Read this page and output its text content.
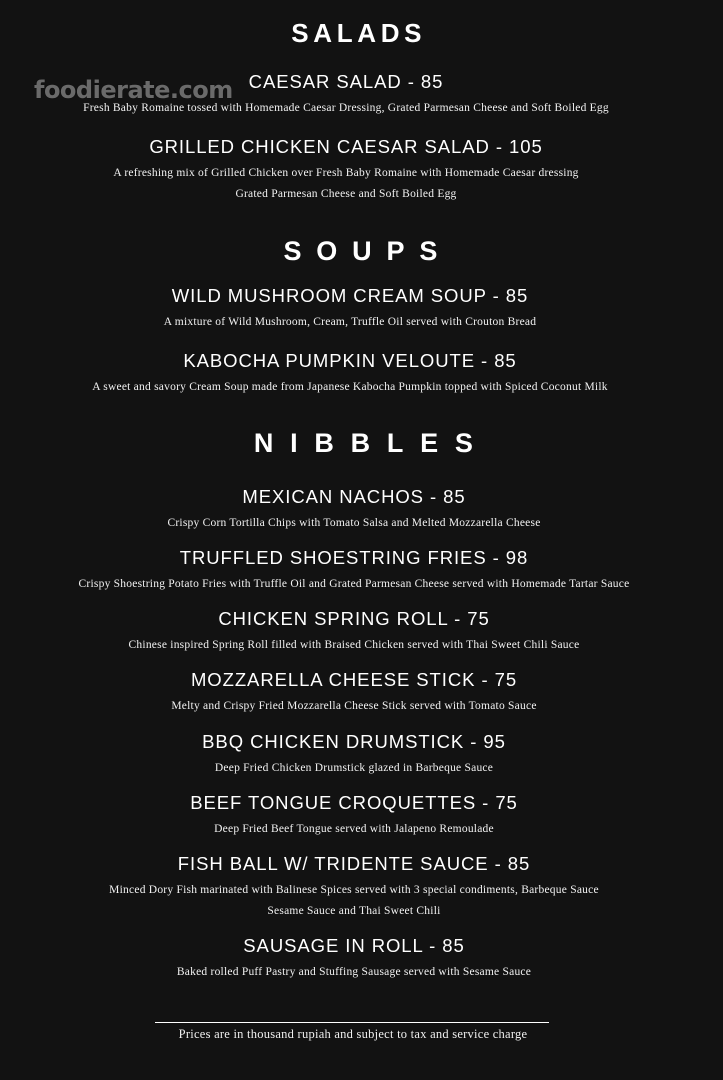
SALADS
CAESAR SALAD - 85
Fresh Baby Romaine tossed with Homemade Caesar Dressing, Grated Parmesan Cheese and Soft Boiled Egg
GRILLED CHICKEN CAESAR SALAD - 105
A refreshing mix of Grilled Chicken over Fresh Baby Romaine with Homemade Caesar dressing
Grated Parmesan Cheese and Soft Boiled Egg
SOUPS
WILD MUSHROOM CREAM SOUP - 85
A mixture of Wild Mushroom, Cream, Truffle Oil served with Crouton Bread
KABOCHA PUMPKIN VELOUTE - 85
A sweet and savory Cream Soup made from Japanese Kabocha Pumpkin topped with Spiced Coconut Milk
NIBBLES
MEXICAN NACHOS - 85
Crispy Corn Tortilla Chips with Tomato Salsa and Melted Mozzarella Cheese
TRUFFLED SHOESTRING FRIES - 98
Crispy Shoestring Potato Fries with Truffle Oil and Grated Parmesan Cheese served with Homemade Tartar Sauce
CHICKEN SPRING ROLL - 75
Chinese inspired Spring Roll filled with Braised Chicken served with Thai Sweet Chili Sauce
MOZZARELLA CHEESE STICK - 75
Melty and Crispy Fried Mozzarella Cheese Stick served with Tomato Sauce
BBQ CHICKEN DRUMSTICK - 95
Deep Fried Chicken Drumstick glazed in Barbeque Sauce
BEEF TONGUE CROQUETTES - 75
Deep Fried Beef Tongue served with Jalapeno Remoulade
FISH BALL W/ TRIDENTE SAUCE - 85
Minced Dory Fish marinated with Balinese Spices served with 3 special condiments, Barbeque Sauce
Sesame Sauce and Thai Sweet Chili
SAUSAGE IN ROLL - 85
Baked rolled Puff Pastry and Stuffing Sausage served with Sesame Sauce
Prices are in thousand rupiah and subject to tax and service charge
foodierate.com
